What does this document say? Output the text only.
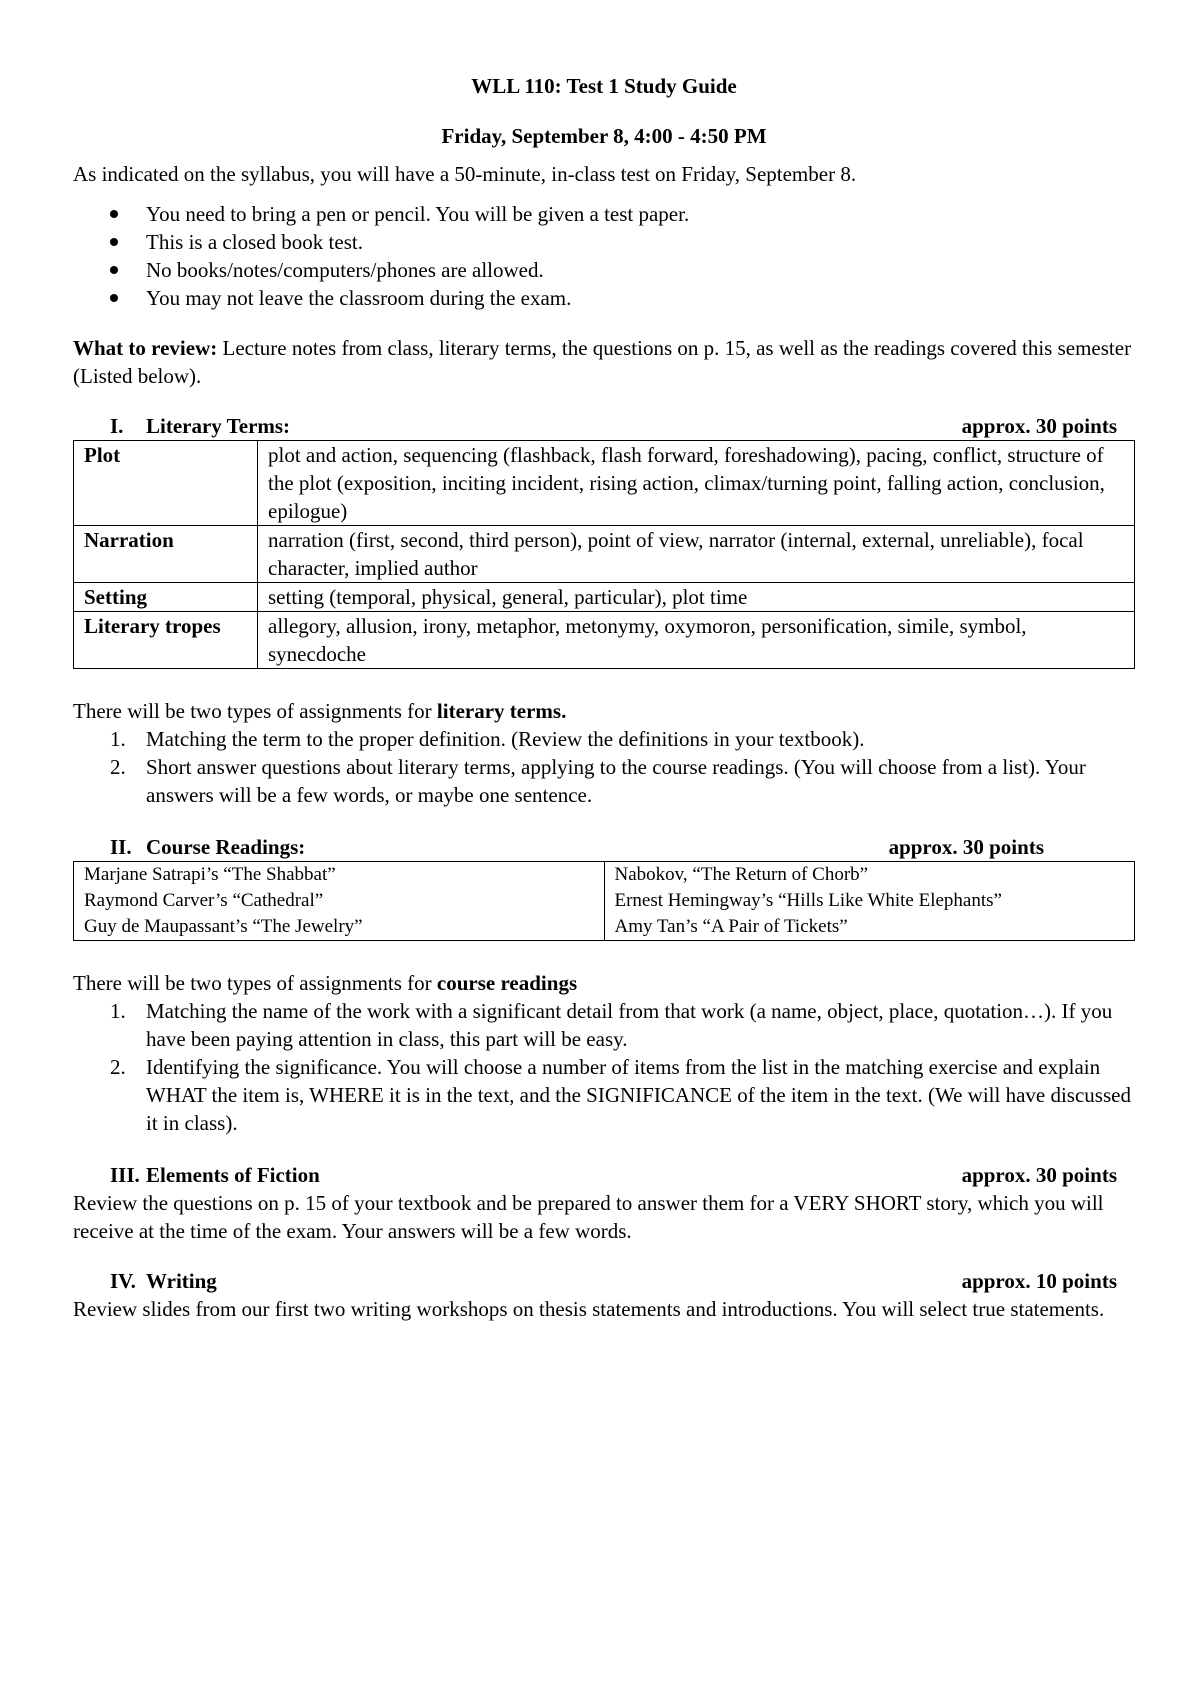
WLL 110: Test 1 Study Guide
Friday, September 8, 4:00 - 4:50 PM

As indicated on the syllabus, you will have a 50-minute, in-class test on Friday, September 8.

You need to bring a pen or pencil. You will be given a test paper.
This is a closed book test.
No books/notes/computers/phones are allowed.
You may not leave the classroom during the exam.

What to review: Lecture notes from class, literary terms, the questions on p. 15, as well as the readings covered this semester (Listed below).

I.	Literary Terms:	approx. 30 points
Plot	plot and action, sequencing (flashback, flash forward, foreshadowing), pacing, conflict, structure of the plot (exposition, inciting incident, rising action, climax/turning point, falling action, conclusion, epilogue)
Narration	narration (first, second, third person), point of view, narrator (internal, external, unreliable), focal character, implied author
Setting	setting (temporal, physical, general, particular), plot time
Literary tropes	allegory, allusion, irony, metaphor, metonymy, oxymoron, personification, simile, symbol, synecdoche

There will be two types of assignments for literary terms.

1. Matching the term to the proper definition. (Review the definitions in your textbook).
2. Short answer questions about literary terms, applying to the course readings. (You will choose from a list). Your answers will be a few words, or maybe one sentence.
II. Course Readings:	approx. 30 points
Marjane Satrapi’s “The Shabbat”	Nabokov, “The Return of Chorb”
Raymond Carver’s “Cathedral”	Ernest Hemingway’s “Hills Like White Elephants”
Guy de Maupassant’s “The Jewelry”	Amy Tan’s “A Pair of Tickets”

There will be two types of assignments for course readings

1. Matching the name of the work with a significant detail from that work (a name, object, place, quotation…). If you have been paying attention in class, this part will be easy.
2. Identifying the significance. You will choose a number of items from the list in the matching exercise and explain WHAT the item is, WHERE it is in the text, and the SIGNIFICANCE of the item in the text. (We will have discussed it in class).
III. Elements of Fiction	approx. 30 points

Review the questions on p. 15 of your textbook and be prepared to answer them for a VERY SHORT story, which you will receive at the time of the exam. Your answers will be a few words.

IV. Writing	approx. 10 points

Review slides from our first two writing workshops on thesis statements and introductions. You will select true statements.
